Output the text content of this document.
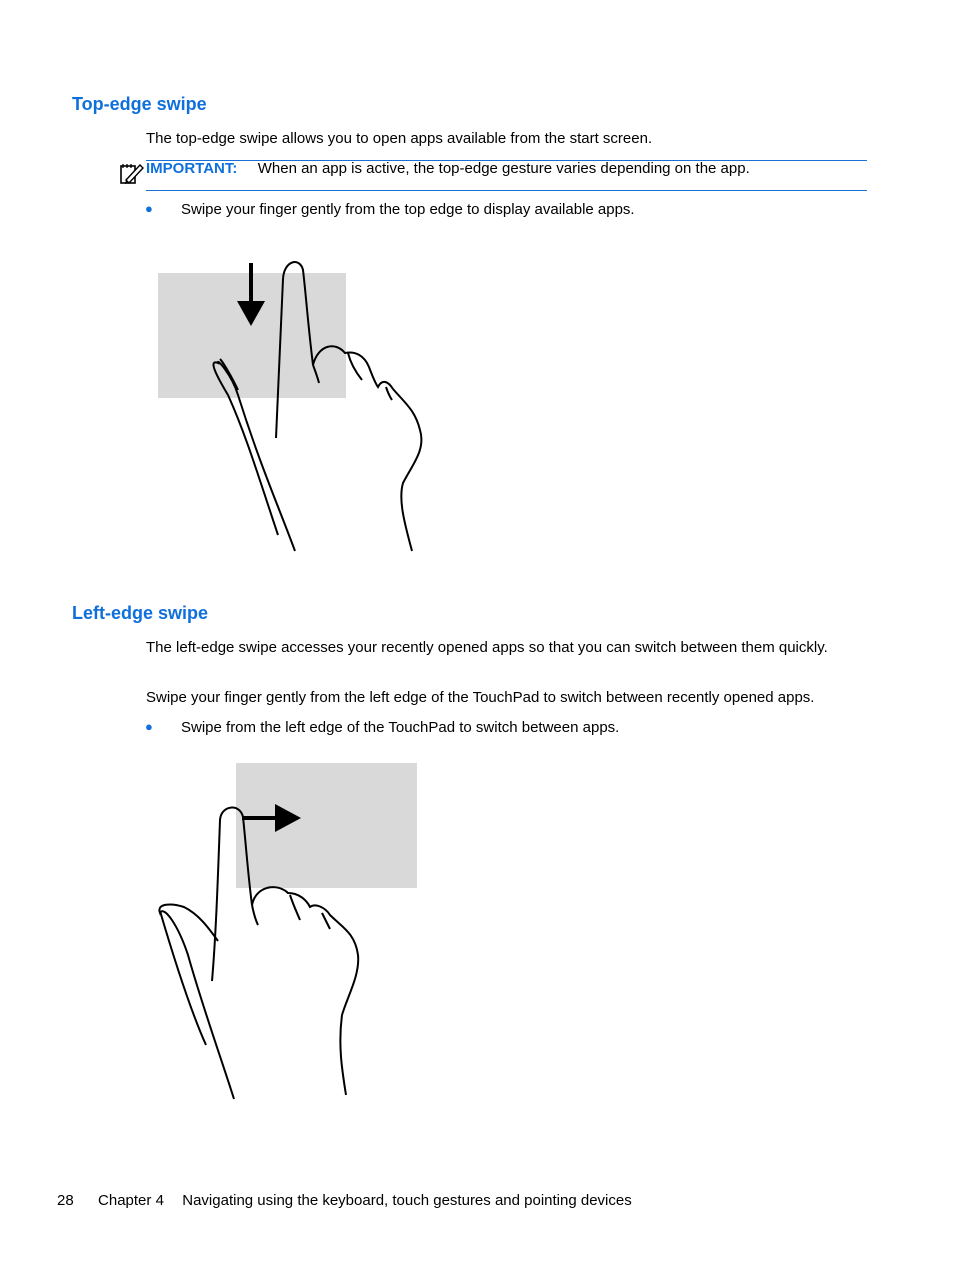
Top-edge swipe

The top-edge swipe allows you to open apps available from the start screen.

IMPORTANT: When an app is active, the top-edge gesture varies depending on the app.
● Swipe your finger gently from the top edge to display available apps.

Left-edge swipe

The left-edge swipe accesses your recently opened apps so that you can switch between them quickly.

Swipe your finger gently from the left edge of the TouchPad to switch between recently opened apps.

● Swipe from the left edge of the TouchPad to switch between apps.

28 Chapter 4 Navigating using the keyboard, touch gestures and pointing devices
